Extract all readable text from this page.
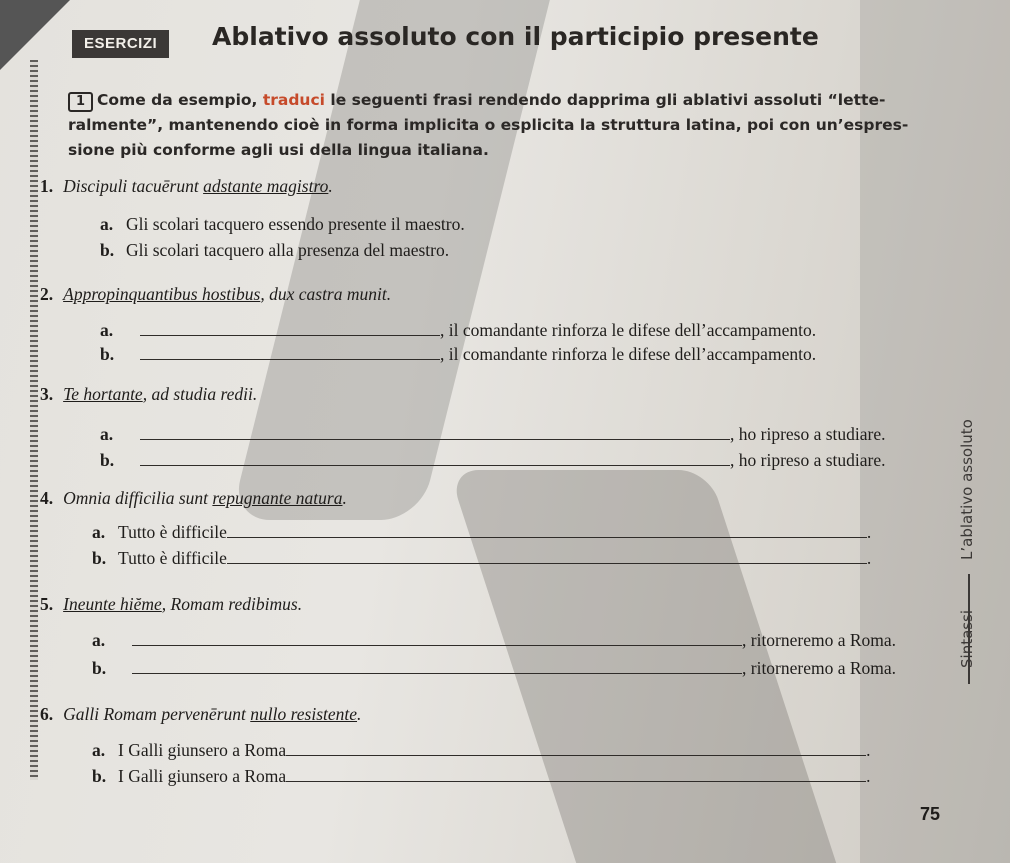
ESERCIZI	Ablativo assoluto con il participio presente
1 Come da esempio, traduci le seguenti frasi rendendo dapprima gli ablativi assoluti “lette-ralmente”, mantenendo cioè in forma implicita o esplicita la struttura latina, poi con un’espres-sione più conforme agli usi della lingua italiana.
1. Discipuli tacuērunt adstante magistro.
a. Gli scolari tacquero essendo presente il maestro.
b. Gli scolari tacquero alla presenza del maestro.
2. Appropinquantibus hostibus, dux castra munit.
a.	, il comandante rinforza le difese dell’accampamento.
b.	, il comandante rinforza le difese dell’accampamento.
3. Te hortante, ad studia redii.
a.	, ho ripreso a studiare.
b.	, ho ripreso a studiare.
4. Omnia difficilia sunt repugnante natura.
a. Tutto è difficile	.
b. Tutto è difficile	.
5. Ineunte hiĕme, Romam redibimus.
a.	, ritorneremo a Roma.
b.	, ritorneremo a Roma.
6. Galli Romam pervenērunt nullo resistente.
a. I Galli giunsero a Roma	.
b. I Galli giunsero a Roma	.
L’ablativo assoluto
Sintassi
75
